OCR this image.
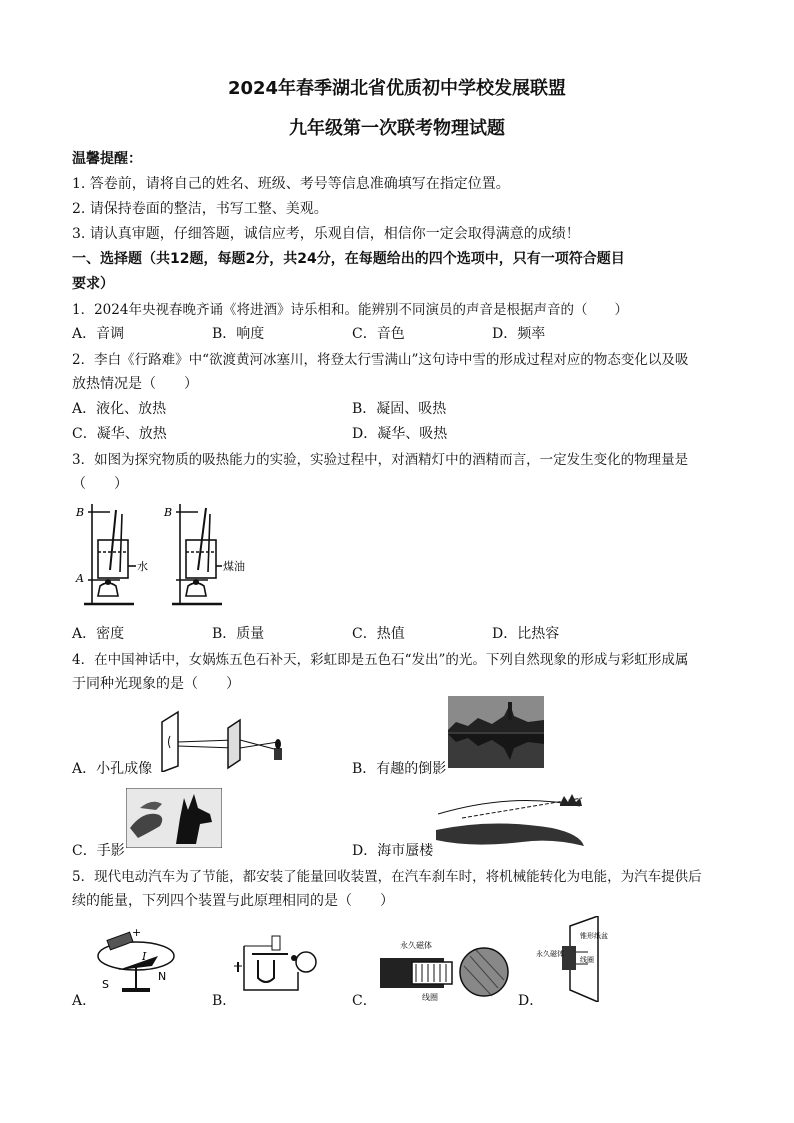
2024年春季湖北省优质初中学校发展联盟
九年级第一次联考物理试题
温馨提醒：
1. 答卷前，请将自己的姓名、班级、考号等信息准确填写在指定位置。
2. 请保持卷面的整洁，书写工整、美观。
3. 请认真审题，仔细答题，诚信应考，乐观自信，相信你一定会取得满意的成绩！
一、选择题（共12题，每题2分，共24分，在每题给出的四个选项中，只有一项符合题目
要求）
1．2024年央视春晚齐诵《将进酒》诗乐相和。能辨别不同演员的声音是根据声音的（　　）
A．音调	B．响度	C．音色	D．频率
2．李白《行路难》中“欲渡黄河冰塞川，将登太行雪满山”这句诗中雪的形成过程对应的物态变化以及吸
放热情况是（　　）
A．液化、放热	B．凝固、吸热
C．凝华、放热	D．凝华、吸热
3．如图为探究物质的吸热能力的实验，实验过程中，对酒精灯中的酒精而言，一定发生变化的物理量是
（　　）
B
A
B
水	煤油
A．密度	B．质量	C．热值	D．比热容
4．在中国神话中，女娲炼五色石补天，彩虹即是五色石“发出”的光。下列自然现象的形成与彩虹形成属
于同种光现象的是（　　）
A．小孔成像	B．有趣的倒影
C．手影	D．海市蜃楼
5．现代电动汽车为了节能，都安装了能量回收装置，在汽车刹车时，将机械能转化为电能，为汽车提供后
续的能量，下列四个装置与此原理相同的是（　　）
+
N
S
I
A．	B．
永久磁体
线圈
C．
永久磁体
锥形纸盆
线圈
D．
